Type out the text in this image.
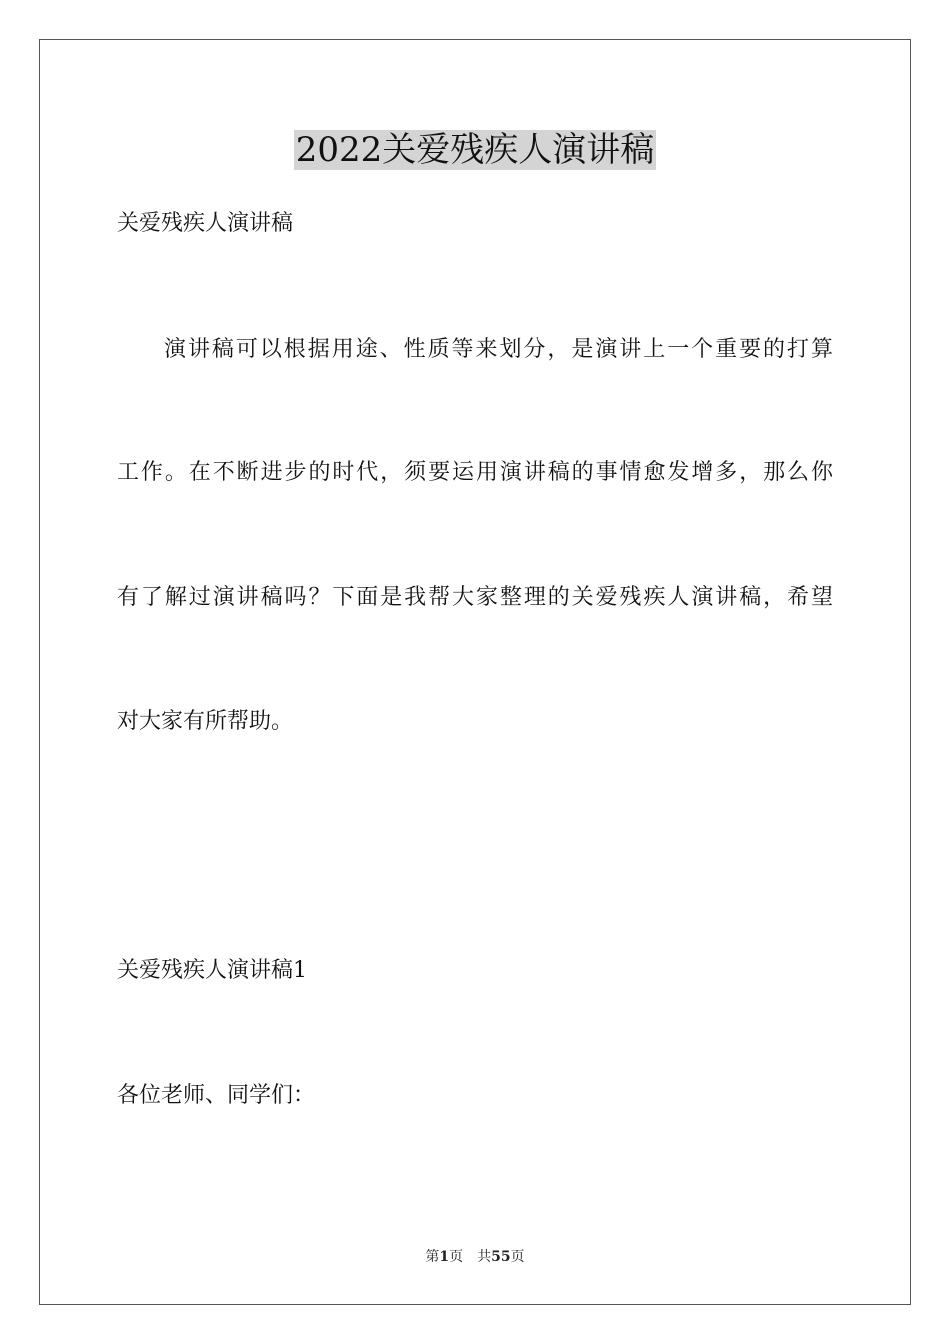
2022关爱残疾人演讲稿
关爱残疾人演讲稿
演讲稿可以根据用途、性质等来划分，是演讲上一个重要的打算
工作。在不断进步的时代，须要运用演讲稿的事情愈发增多，那么你
有了解过演讲稿吗？下面是我帮大家整理的关爱残疾人演讲稿，希望
对大家有所帮助。
关爱残疾人演讲稿1
各位老师、同学们：
第1页 共55页
